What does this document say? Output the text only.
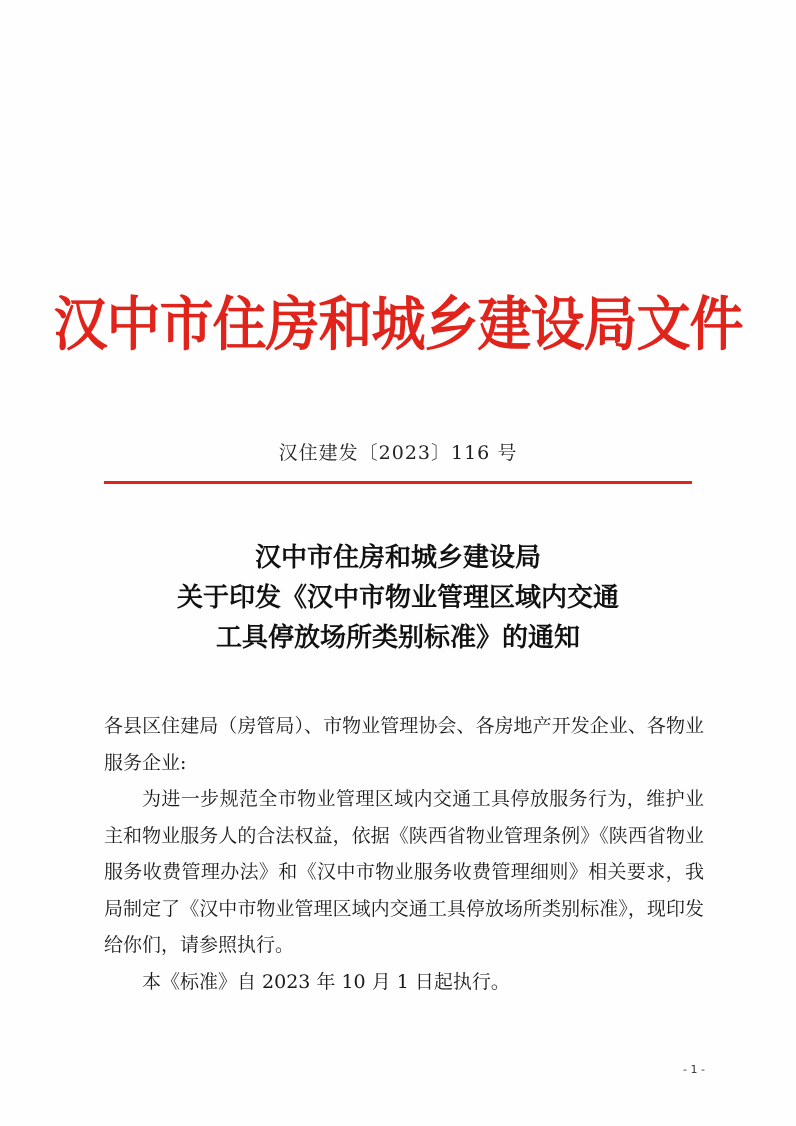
汉中市住房和城乡建设局文件
汉住建发〔2023〕116 号
汉中市住房和城乡建设局
关于印发《汉中市物业管理区域内交通
工具停放场所类别标准》的通知

各县区住建局（房管局）、市物业管理协会、各房地产开发企业、各物业服务企业:

为进一步规范全市物业管理区域内交通工具停放服务行为，维护业主和物业服务人的合法权益，依据《陕西省物业管理条例》《陕西省物业服务收费管理办法》和《汉中市物业服务收费管理细则》相关要求，我局制定了《汉中市物业管理区域内交通工具停放场所类别标准》，现印发给你们，请参照执行。

本《标准》自 2023 年 10 月 1 日起执行。

- 1 -
